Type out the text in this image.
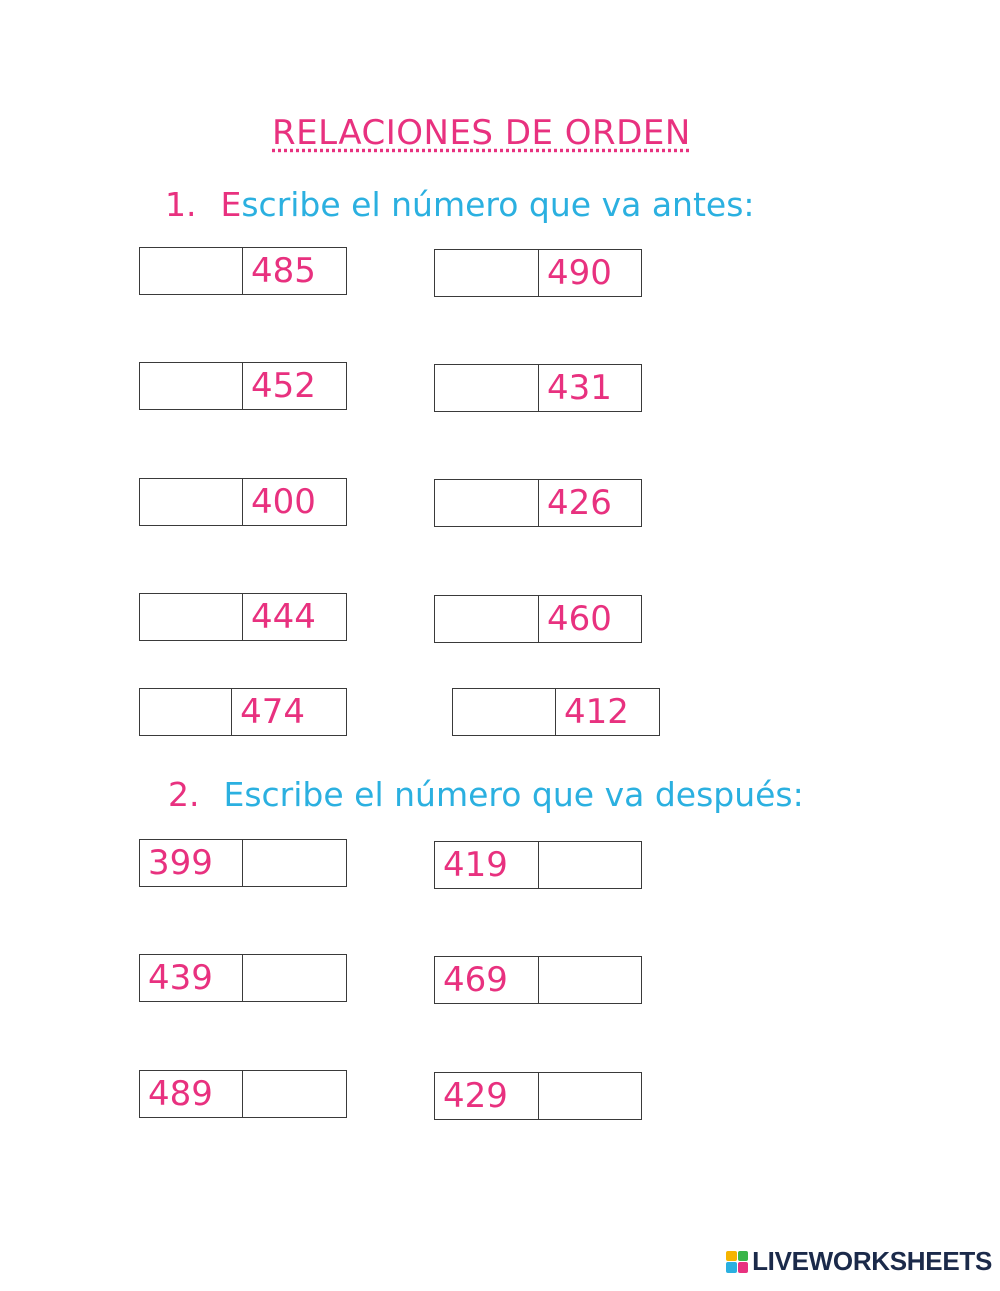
RELACIONES DE ORDEN
1. Escribe el número que va antes:
485	490
452	431
400	426
444	460
474	412
2. Escribe el número que va después:
399	419
439	469
489	429
LIVEWORKSHEETS
